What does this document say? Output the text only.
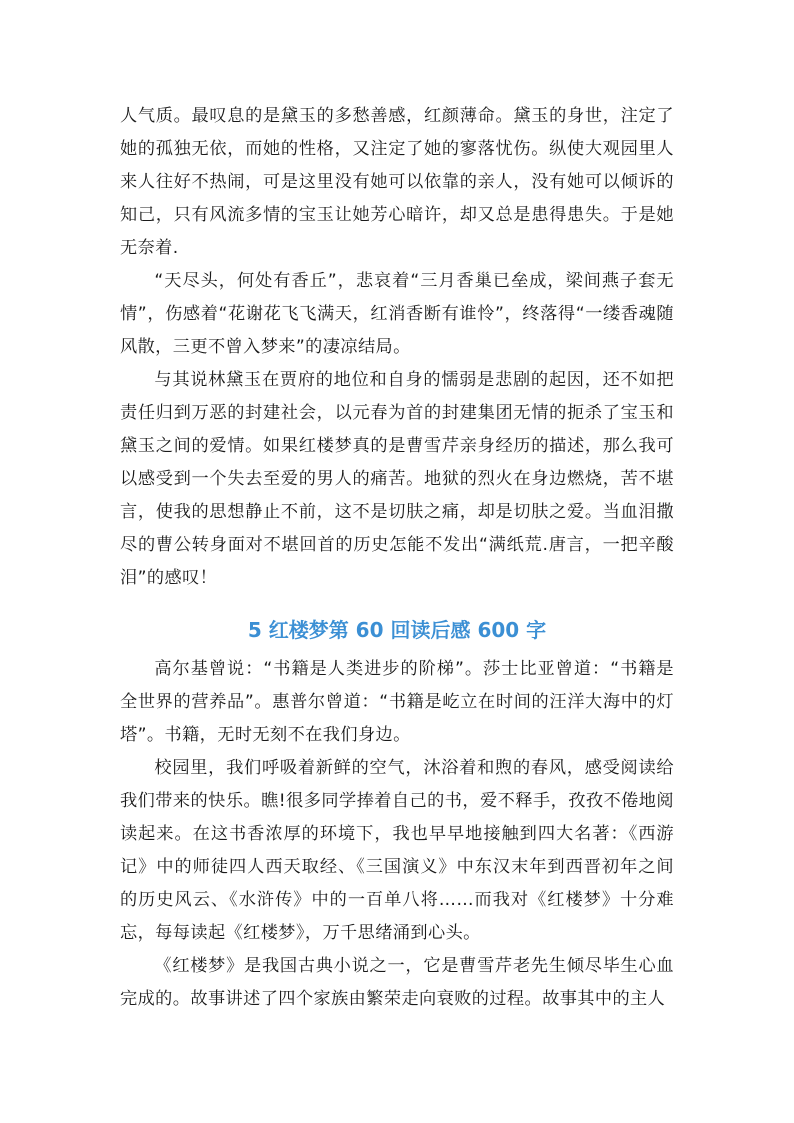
人气质。最叹息的是黛玉的多愁善感，红颜薄命。黛玉的身世，注定了她的孤独无依，而她的性格，又注定了她的寥落忧伤。纵使大观园里人来人往好不热闹，可是这里没有她可以依靠的亲人，没有她可以倾诉的知己，只有风流多情的宝玉让她芳心暗许，却又总是患得患失。于是她无奈着.

“天尽头，何处有香丘”，悲哀着“三月香巢已垒成，梁间燕子套无情”，伤感着“花谢花飞飞满天，红消香断有谁怜”，终落得“一缕香魂随风散，三更不曾入梦来”的凄凉结局。

与其说林黛玉在贾府的地位和自身的懦弱是悲剧的起因，还不如把责任归到万恶的封建社会，以元春为首的封建集团无情的扼杀了宝玉和黛玉之间的爱情。如果红楼梦真的是曹雪芹亲身经历的描述，那么我可以感受到一个失去至爱的男人的痛苦。地狱的烈火在身边燃烧，苦不堪言，使我的思想静止不前，这不是切肤之痛，却是切肤之爱。当血泪撒尽的曹公转身面对不堪回首的历史怎能不发出“满纸荒.唐言，一把辛酸泪”的感叹！

5 红楼梦第 60 回读后感 600 字

高尔基曾说：“书籍是人类进步的阶梯”。莎士比亚曾道：“书籍是全世界的营养品”。惠普尔曾道：“书籍是屹立在时间的汪洋大海中的灯塔”。书籍，无时无刻不在我们身边。

校园里，我们呼吸着新鲜的空气，沐浴着和煦的春风，感受阅读给我们带来的快乐。瞧!很多同学捧着自己的书，爱不释手，孜孜不倦地阅读起来。在这书香浓厚的环境下，我也早早地接触到四大名著：《西游记》中的师徒四人西天取经、《三国演义》中东汉末年到西晋初年之间的历史风云、《水浒传》中的一百单八将……而我对《红楼梦》十分难忘，每每读起《红楼梦》，万千思绪涌到心头。

《红楼梦》是我国古典小说之一，它是曹雪芹老先生倾尽毕生心血完成的。故事讲述了四个家族由繁荣走向衰败的过程。故事其中的主人
